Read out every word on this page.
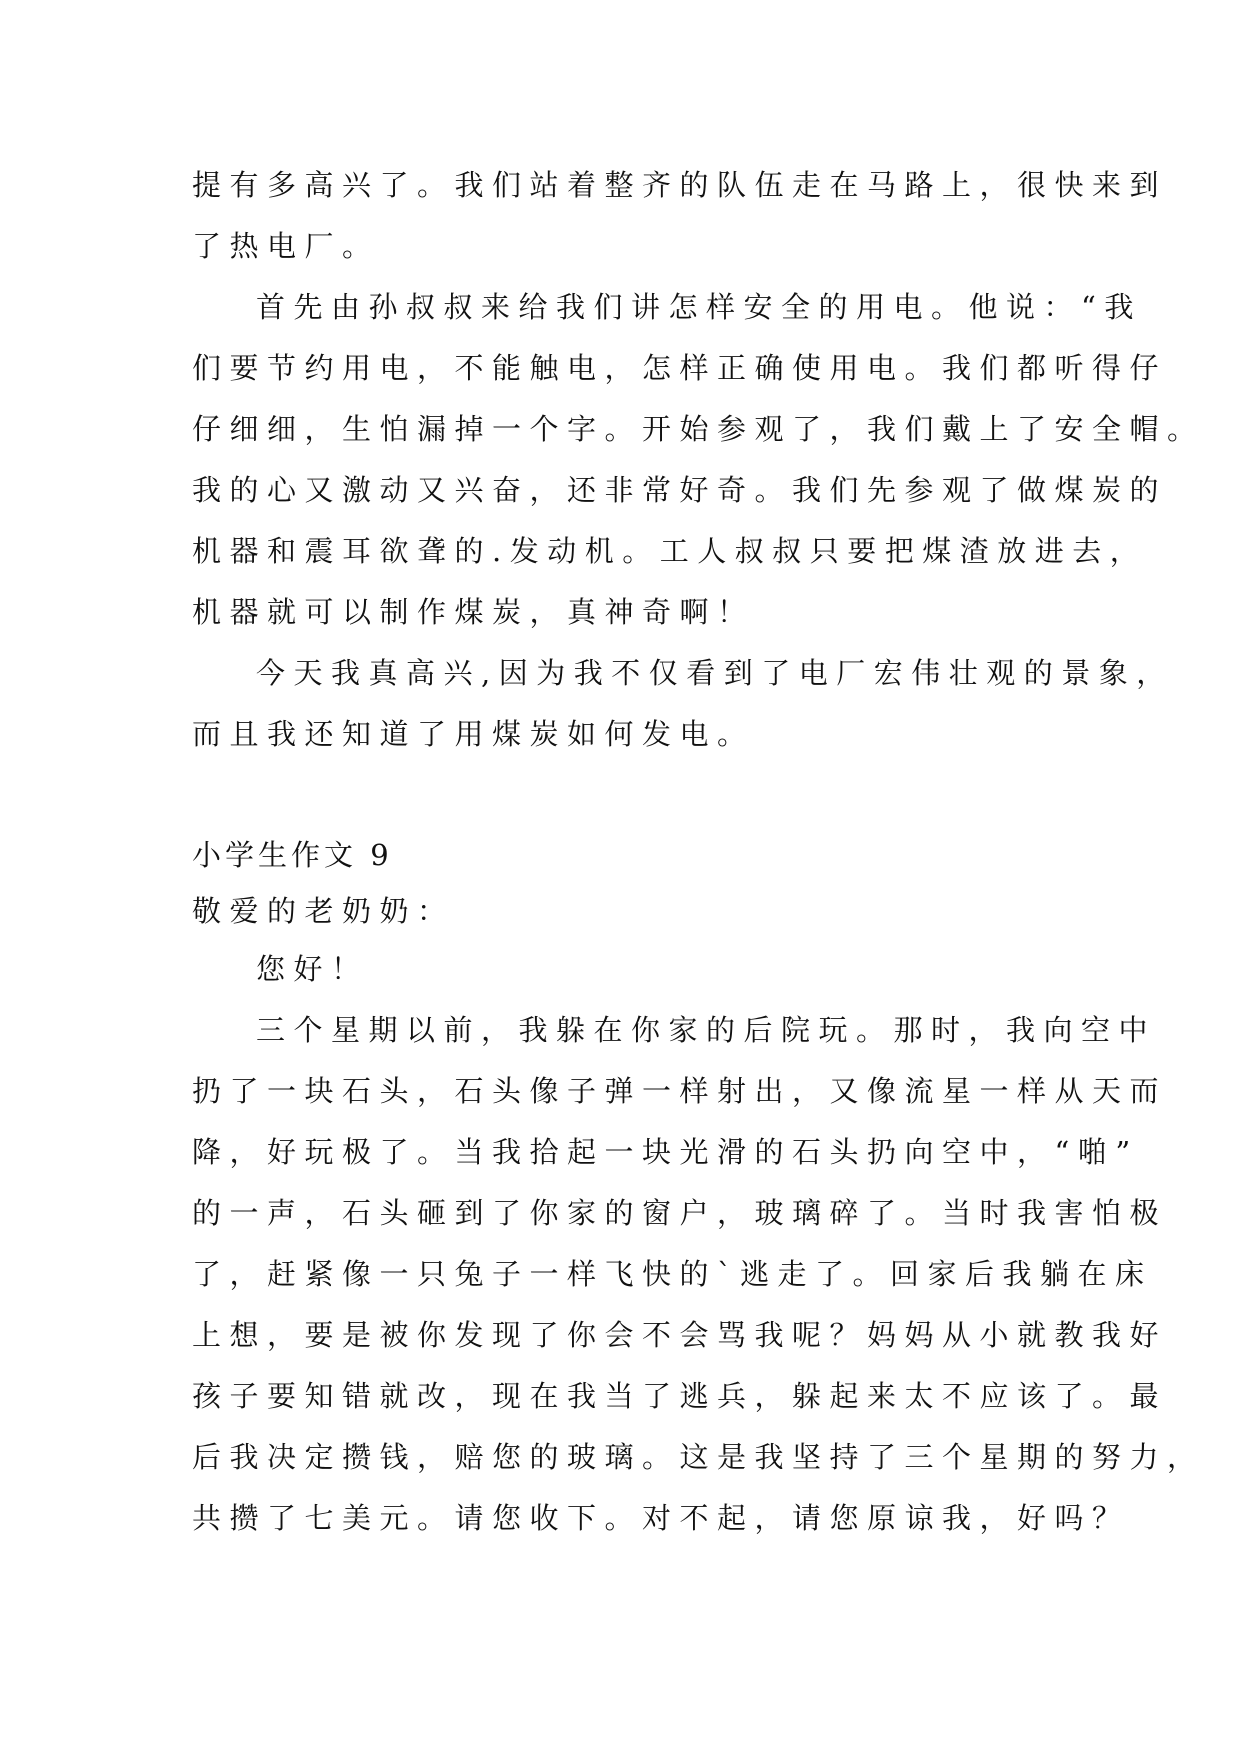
提有多高兴了。我们站着整齐的队伍走在马路上，很快来到
了热电厂。
首先由孙叔叔来给我们讲怎样安全的用电。他说：“我
们要节约用电，不能触电，怎样正确使用电。我们都听得仔
仔细细，生怕漏掉一个字。开始参观了，我们戴上了安全帽。
我的心又激动又兴奋，还非常好奇。我们先参观了做煤炭的
机器和震耳欲聋的.发动机。工人叔叔只要把煤渣放进去，
机器就可以制作煤炭，真神奇啊！
今天我真高兴,因为我不仅看到了电厂宏伟壮观的景象，
而且我还知道了用煤炭如何发电。
小学生作文 9
敬爱的老奶奶：
您好！
三个星期以前，我躲在你家的后院玩。那时，我向空中
扔了一块石头，石头像子弹一样射出，又像流星一样从天而
降，好玩极了。当我拾起一块光滑的石头扔向空中，“啪”
的一声，石头砸到了你家的窗户，玻璃碎了。当时我害怕极
了，赶紧像一只兔子一样飞快的`逃走了。回家后我躺在床
上想，要是被你发现了你会不会骂我呢？妈妈从小就教我好
孩子要知错就改，现在我当了逃兵，躲起来太不应该了。最
后我决定攒钱，赔您的玻璃。这是我坚持了三个星期的努力，
共攒了七美元。请您收下。对不起，请您原谅我，好吗？
